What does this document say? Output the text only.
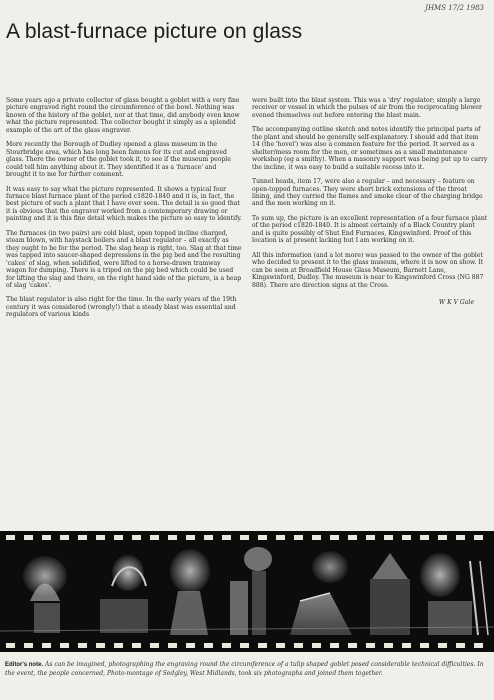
JHMS 17/2 1983
A blast-furnace picture on glass

Some years ago a private collector of glass bought a goblet with a very fine picture engraved right round the circumference of the bowl. Nothing was known of the history of the goblet, nor at that time, did anybody even know what the picture represented. The collector bought it simply as a splendid example of the art of the glass engraver.

More recently the Borough of Dudley opened a glass museum in the Stourbridge area, which has long been famous for its cut and engraved glass. There the owner of the goblet took it, to see if the museum people could tell him anything about it. They identified it as a 'furnace' and brought it to me for further comment.

It was easy to say what the picture represented. It shows a typical four furnace blast furnace plant of the period c1820-1840 and it is, in fact, the best picture of such a plant that I have ever seen. The detail is so good that it is obvious that the engraver worked from a contemporary drawing or painting and it is this fine detail which makes the picture so easy to identify.

The furnaces (in two pairs) are cold blast, open topped incline charged, steam blown, with haystack boilers and a blast regulator – all exactly as they ought to be for the period. The slag heap is right, too. Slag at that time was tapped into saucer-shaped depressions in the pig bed and the resulting 'cakes' of slag, when solidified, were lifted to a horse-drawn tramway wagon for dumping. There is a tripod on the pig bed which could be used for lifting the slag and there, on the right hand side of the picture, is a heap of slag 'cakes'.

The blast regulator is also right for the time. In the early years of the 19th century it was considered (wrongly!) that a steady blast was essential and regulators of various kinds

were built into the blast system. This was a 'dry' regulator; simply a large receiver or vessel in which the pulses of air from the reciprocating blower evened themselves out before entering the blast main.

The accompanying outline sketch and notes identify the principal parts of the plant and should be generally self-explanatory. I should add that item 14 (the 'hovel') was also a common feature for the period. It served as a shelter/mess room for the men, or sometimes as a small maintenance workshop (eg a smithy). When a masonry support was being put up to carry the incline, it was easy to build a suitable recess into it.

Tunnel heads, item 17, were also a regular – and necessary – feature on open-topped furnaces. They were short brick extensions of the throat lining, and they carried the flames and smoke clear of the charging bridge and the men working on it.

To sum up, the picture is an excellent representation of a four furnace plant of the period c1820-1840. It is almost certainly of a Black Country plant and is quite possibly of Shut End Furnaces, Kingswinford. Proof of this location is at present lacking but I am working on it.

All this information (and a lot more) was passed to the owner of the goblet who decided to present it to the glass museum, where it is now on show. It can be seen at Broadfield House Glass Museum, Barnett Lane, Kingswinford, Dudley. The museum is near to Kingswinford Cross (NG 887 888). There are direction signs at the Cross.

W K V Gale
Editor's note. As can be imagined, photographing the engraving round the circumference of a tulip shaped goblet posed considerable technical difficulties. In the event, the people concerned, Photo-montage of Sedgley, West Midlands, took six photographs and joined them together.
